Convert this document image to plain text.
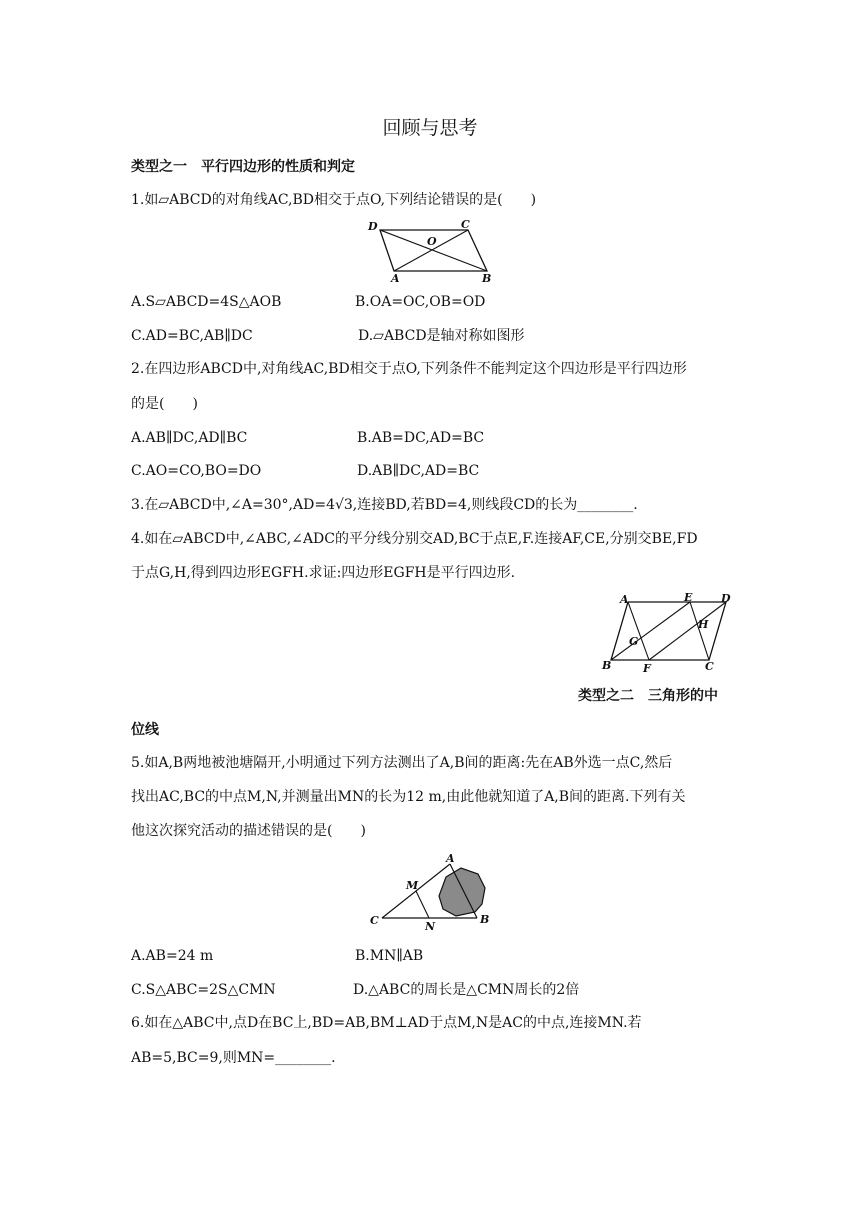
回顾与思考
类型之一　平行四边形的性质和判定
1.如▱ABCD的对角线AC,BD相交于点O,下列结论错误的是(　　)
D	C
O
A	B
A.S▱ABCD=4S△AOB	B.OA=OC,OB=OD
C.AD=BC,AB∥DC	D.▱ABCD是轴对称如图形
2.在四边形ABCD中,对角线AC,BD相交于点O,下列条件不能判定这个四边形是平行四边形
的是(　　)
A.AB∥DC,AD∥BC	B.AB=DC,AD=BC
C.AO=CO,BO=DO	D.AB∥DC,AD=BC
3.在▱ABCD中,∠A=30°,AD=4√3,连接BD,若BD=4,则线段CD的长为________.
4.如在▱ABCD中,∠ABC,∠ADC的平分线分别交AD,BC于点E,F.连接AF,CE,分别交BE,FD
于点G,H,得到四边形EGFH.求证:四边形EGFH是平行四边形.
A	E	D
G
H
B	F	C
类型之二　三角形的中
位线
5.如A,B两地被池塘隔开,小明通过下列方法测出了A,B间的距离:先在AB外选一点C,然后
找出AC,BC的中点M,N,并测量出MN的长为12 m,由此他就知道了A,B间的距离.下列有关
他这次探究活动的描述错误的是(　　)
A
M
C	N
B
A.AB=24 m	B.MN∥AB
C.S△ABC=2S△CMN	D.△ABC的周长是△CMN周长的2倍
6.如在△ABC中,点D在BC上,BD=AB,BM⊥AD于点M,N是AC的中点,连接MN.若
AB=5,BC=9,则MN=________.
